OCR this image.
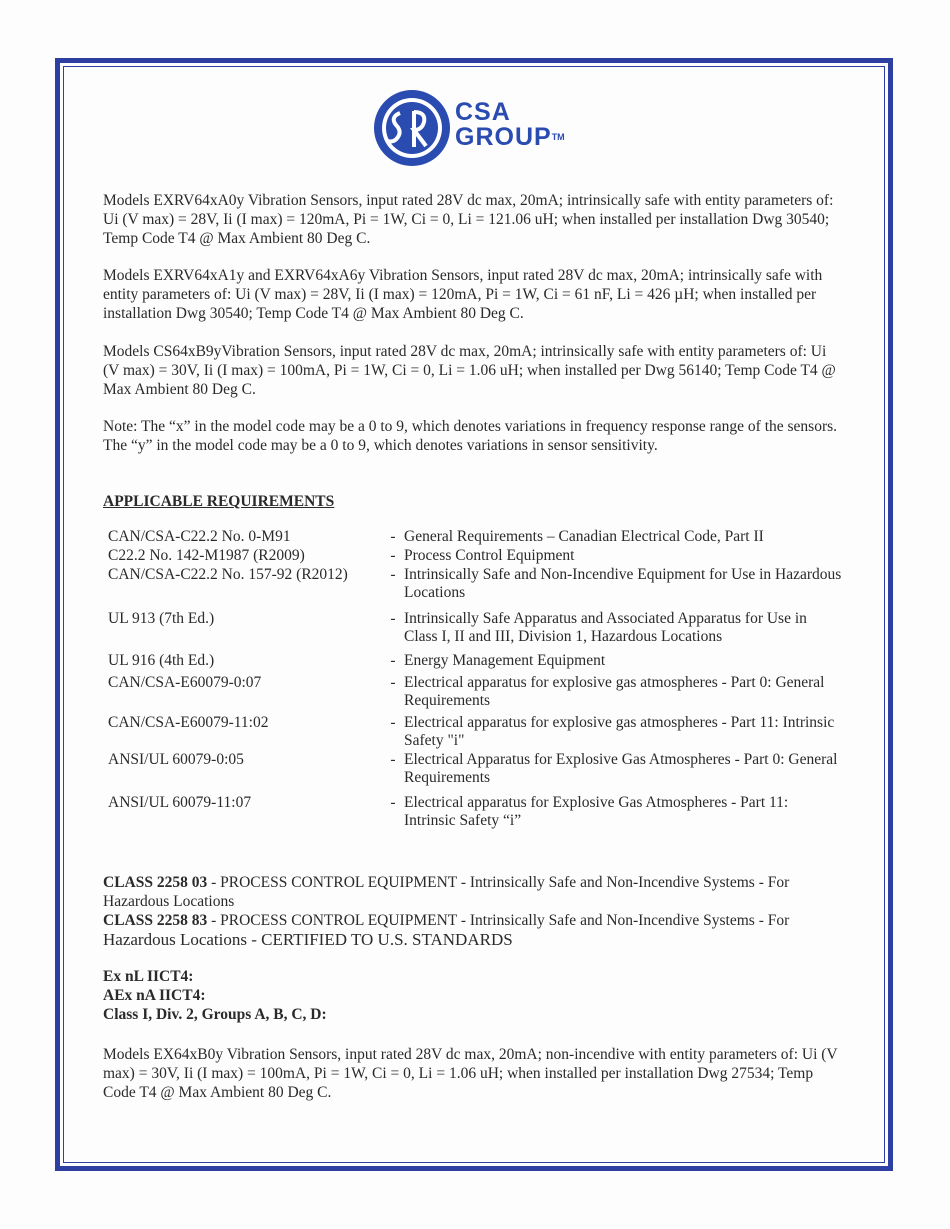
CSA
GROUP™
Models EXRV64xA0y Vibration Sensors, input rated 28V dc max, 20mA; intrinsically safe with entity parameters of: Ui (V max) = 28V, Ii (I max) = 120mA, Pi = 1W, Ci = 0, Li = 121.06 uH; when installed per installation Dwg 30540; Temp Code T4 @ Max Ambient 80 Deg C.
Models EXRV64xA1y and EXRV64xA6y Vibration Sensors, input rated 28V dc max, 20mA; intrinsically safe with entity parameters of: Ui (V max) = 28V, Ii (I max) = 120mA, Pi = 1W, Ci = 61 nF, Li = 426 µH; when installed per installation Dwg 30540; Temp Code T4 @ Max Ambient 80 Deg C.
Models CS64xB9yVibration Sensors, input rated 28V dc max, 20mA; intrinsically safe with entity parameters of: Ui (V max) = 30V, Ii (I max) = 100mA, Pi = 1W, Ci = 0, Li = 1.06 uH; when installed per Dwg 56140; Temp Code T4 @ Max Ambient 80 Deg C.
Note: The “x” in the model code may be a 0 to 9, which denotes variations in frequency response range of the sensors. The “y” in the model code may be a 0 to 9, which denotes variations in sensor sensitivity.
APPLICABLE REQUIREMENTS
CAN/CSA-C22.2 No. 0-M91	- General Requirements – Canadian Electrical Code, Part II
C22.2 No. 142-M1987 (R2009)	- Process Control Equipment
CAN/CSA-C22.2 No. 157-92 (R2012)	- Intrinsically Safe and Non-Incendive Equipment for Use in Hazardous Locations
UL 913 (7th Ed.)	- Intrinsically Safe Apparatus and Associated Apparatus for Use in Class I, II and III, Division 1, Hazardous Locations
UL 916 (4th Ed.)	- Energy Management Equipment
CAN/CSA-E60079-0:07	- Electrical apparatus for explosive gas atmospheres - Part 0: General Requirements
CAN/CSA-E60079-11:02	- Electrical apparatus for explosive gas atmospheres - Part 11: Intrinsic Safety "i"
ANSI/UL 60079-0:05	- Electrical Apparatus for Explosive Gas Atmospheres - Part 0: General Requirements
ANSI/UL 60079-11:07	- Electrical apparatus for Explosive Gas Atmospheres - Part 11: Intrinsic Safety “i”
CLASS 2258 03 - PROCESS CONTROL EQUIPMENT - Intrinsically Safe and Non-Incendive Systems - For Hazardous Locations
CLASS 2258 83 - PROCESS CONTROL EQUIPMENT - Intrinsically Safe and Non-Incendive Systems - For
Hazardous Locations - CERTIFIED TO U.S. STANDARDS
Ex nL IICT4:
AEx nA IICT4:
Class I, Div. 2, Groups A, B, C, D:
Models EX64xB0y Vibration Sensors, input rated 28V dc max, 20mA; non-incendive with entity parameters of: Ui (V max) = 30V, Ii (I max) = 100mA, Pi = 1W, Ci = 0, Li = 1.06 uH; when installed per installation Dwg 27534; Temp Code T4 @ Max Ambient 80 Deg C.
